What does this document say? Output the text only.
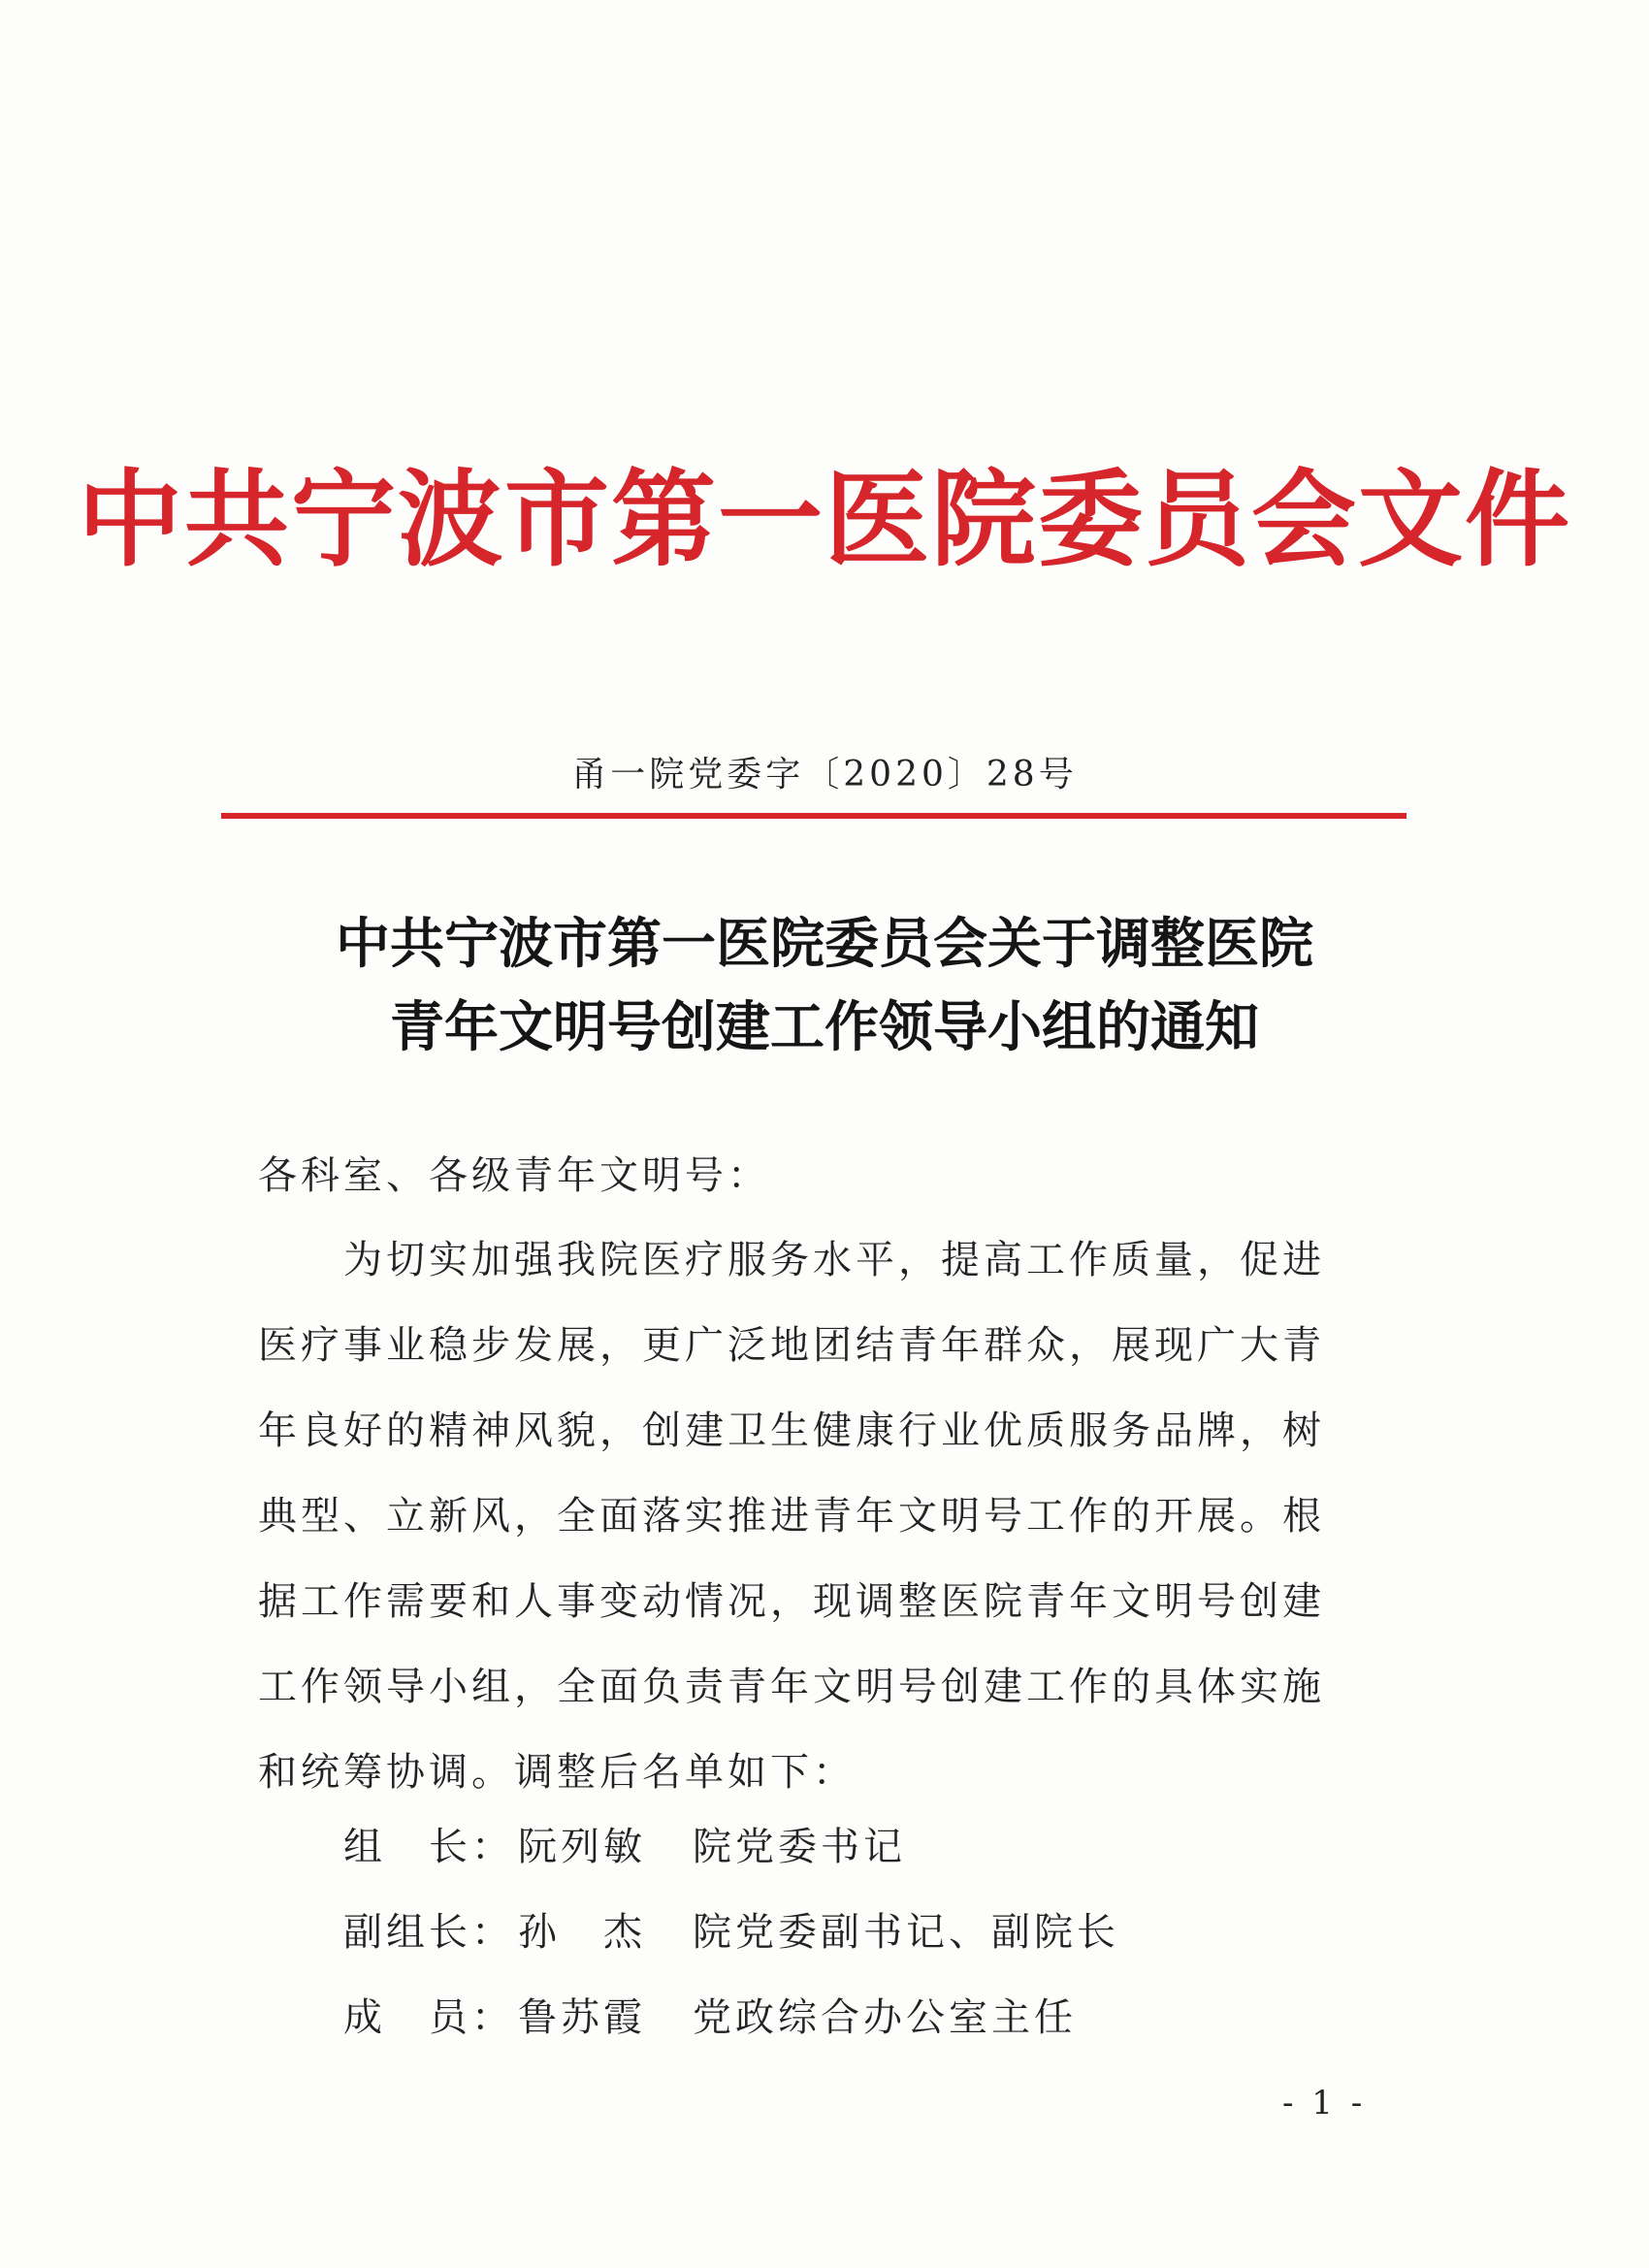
中共宁波市第一医院委员会文件
甬一院党委字〔2020〕28号
中共宁波市第一医院委员会关于调整医院
青年文明号创建工作领导小组的通知
各科室、各级青年文明号：
　　为切实加强我院医疗服务水平，提高工作质量，促进
医疗事业稳步发展，更广泛地团结青年群众，展现广大青
年良好的精神风貌，创建卫生健康行业优质服务品牌，树
典型、立新风，全面落实推进青年文明号工作的开展。根
据工作需要和人事变动情况，现调整医院青年文明号创建
工作领导小组，全面负责青年文明号创建工作的具体实施
和统筹协调。调整后名单如下：
组　长： 阮列敏	院党委书记
副组长： 孙　杰	院党委副书记、副院长
成　员： 鲁苏霞	党政综合办公室主任
- 1 -
